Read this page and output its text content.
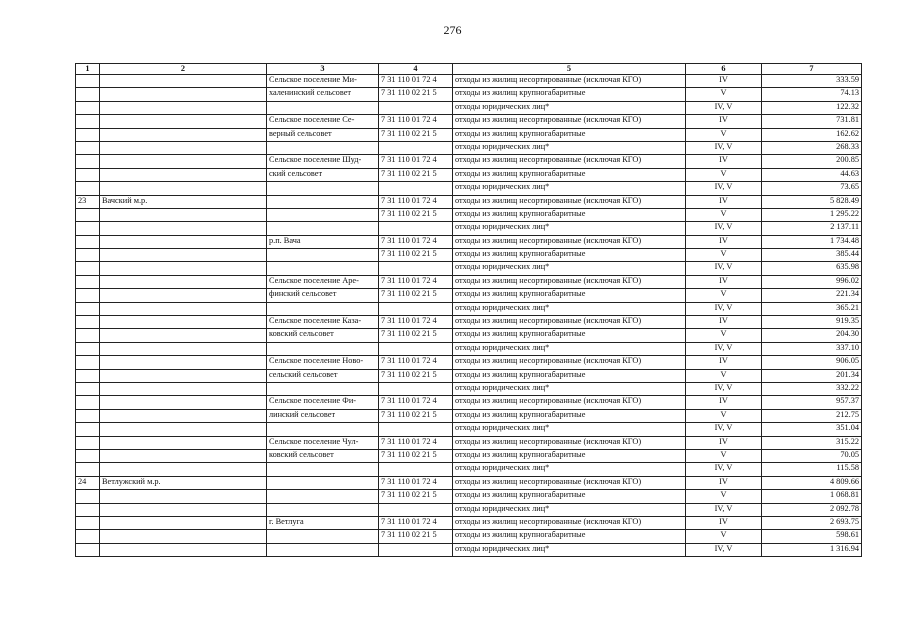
276
1	2	3	4	5	6	7
		Сельское поселение Ми-	7 31 110 01 72 4	отходы из жилищ несортированные (исключая КГО)	IV	333.59
		халенинский сельсовет	7 31 110 02 21 5	отходы из жилищ крупногабаритные	V	74.13
				отходы юридических лиц*	IV, V	122.32
		Сельское поселение Се-	7 31 110 01 72 4	отходы из жилищ несортированные (исключая КГО)	IV	731.81
		верный сельсовет	7 31 110 02 21 5	отходы из жилищ крупногабаритные	V	162.62
				отходы юридических лиц*	IV, V	268.33
		Сельское поселение Шуд-	7 31 110 01 72 4	отходы из жилищ несортированные (исключая КГО)	IV	200.85
		ский сельсовет	7 31 110 02 21 5	отходы из жилищ крупногабаритные	V	44.63
				отходы юридических лиц*	IV, V	73.65
23	Вачский м.р.		7 31 110 01 72 4	отходы из жилищ несортированные (исключая КГО)	IV	5 828.49
			7 31 110 02 21 5	отходы из жилищ крупногабаритные	V	1 295.22
				отходы юридических лиц*	IV, V	2 137.11
		р.п. Вача	7 31 110 01 72 4	отходы из жилищ несортированные (исключая КГО)	IV	1 734.48
			7 31 110 02 21 5	отходы из жилищ крупногабаритные	V	385.44
				отходы юридических лиц*	IV, V	635.98
		Сельское поселение Аре-	7 31 110 01 72 4	отходы из жилищ несортированные (исключая КГО)	IV	996.02
		финский сельсовет	7 31 110 02 21 5	отходы из жилищ крупногабаритные	V	221.34
				отходы юридических лиц*	IV, V	365.21
		Сельское поселение Каза-	7 31 110 01 72 4	отходы из жилищ несортированные (исключая КГО)	IV	919.35
		ковский сельсовет	7 31 110 02 21 5	отходы из жилищ крупногабаритные	V	204.30
				отходы юридических лиц*	IV, V	337.10
		Сельское поселение Ново-	7 31 110 01 72 4	отходы из жилищ несортированные (исключая КГО)	IV	906.05
		сельский сельсовет	7 31 110 02 21 5	отходы из жилищ крупногабаритные	V	201.34
				отходы юридических лиц*	IV, V	332.22
		Сельское поселение Фи-	7 31 110 01 72 4	отходы из жилищ несортированные (исключая КГО)	IV	957.37
		линский сельсовет	7 31 110 02 21 5	отходы из жилищ крупногабаритные	V	212.75
				отходы юридических лиц*	IV, V	351.04
		Сельское поселение Чул-	7 31 110 01 72 4	отходы из жилищ несортированные (исключая КГО)	IV	315.22
		ковский сельсовет	7 31 110 02 21 5	отходы из жилищ крупногабаритные	V	70.05
				отходы юридических лиц*	IV, V	115.58
24	Ветлужский м.р.		7 31 110 01 72 4	отходы из жилищ несортированные (исключая КГО)	IV	4 809.66
			7 31 110 02 21 5	отходы из жилищ крупногабаритные	V	1 068.81
				отходы юридических лиц*	IV, V	2 092.78
		г. Ветлуга	7 31 110 01 72 4	отходы из жилищ несортированные (исключая КГО)	IV	2 693.75
			7 31 110 02 21 5	отходы из жилищ крупногабаритные	V	598.61
				отходы юридических лиц*	IV, V	1 316.94
